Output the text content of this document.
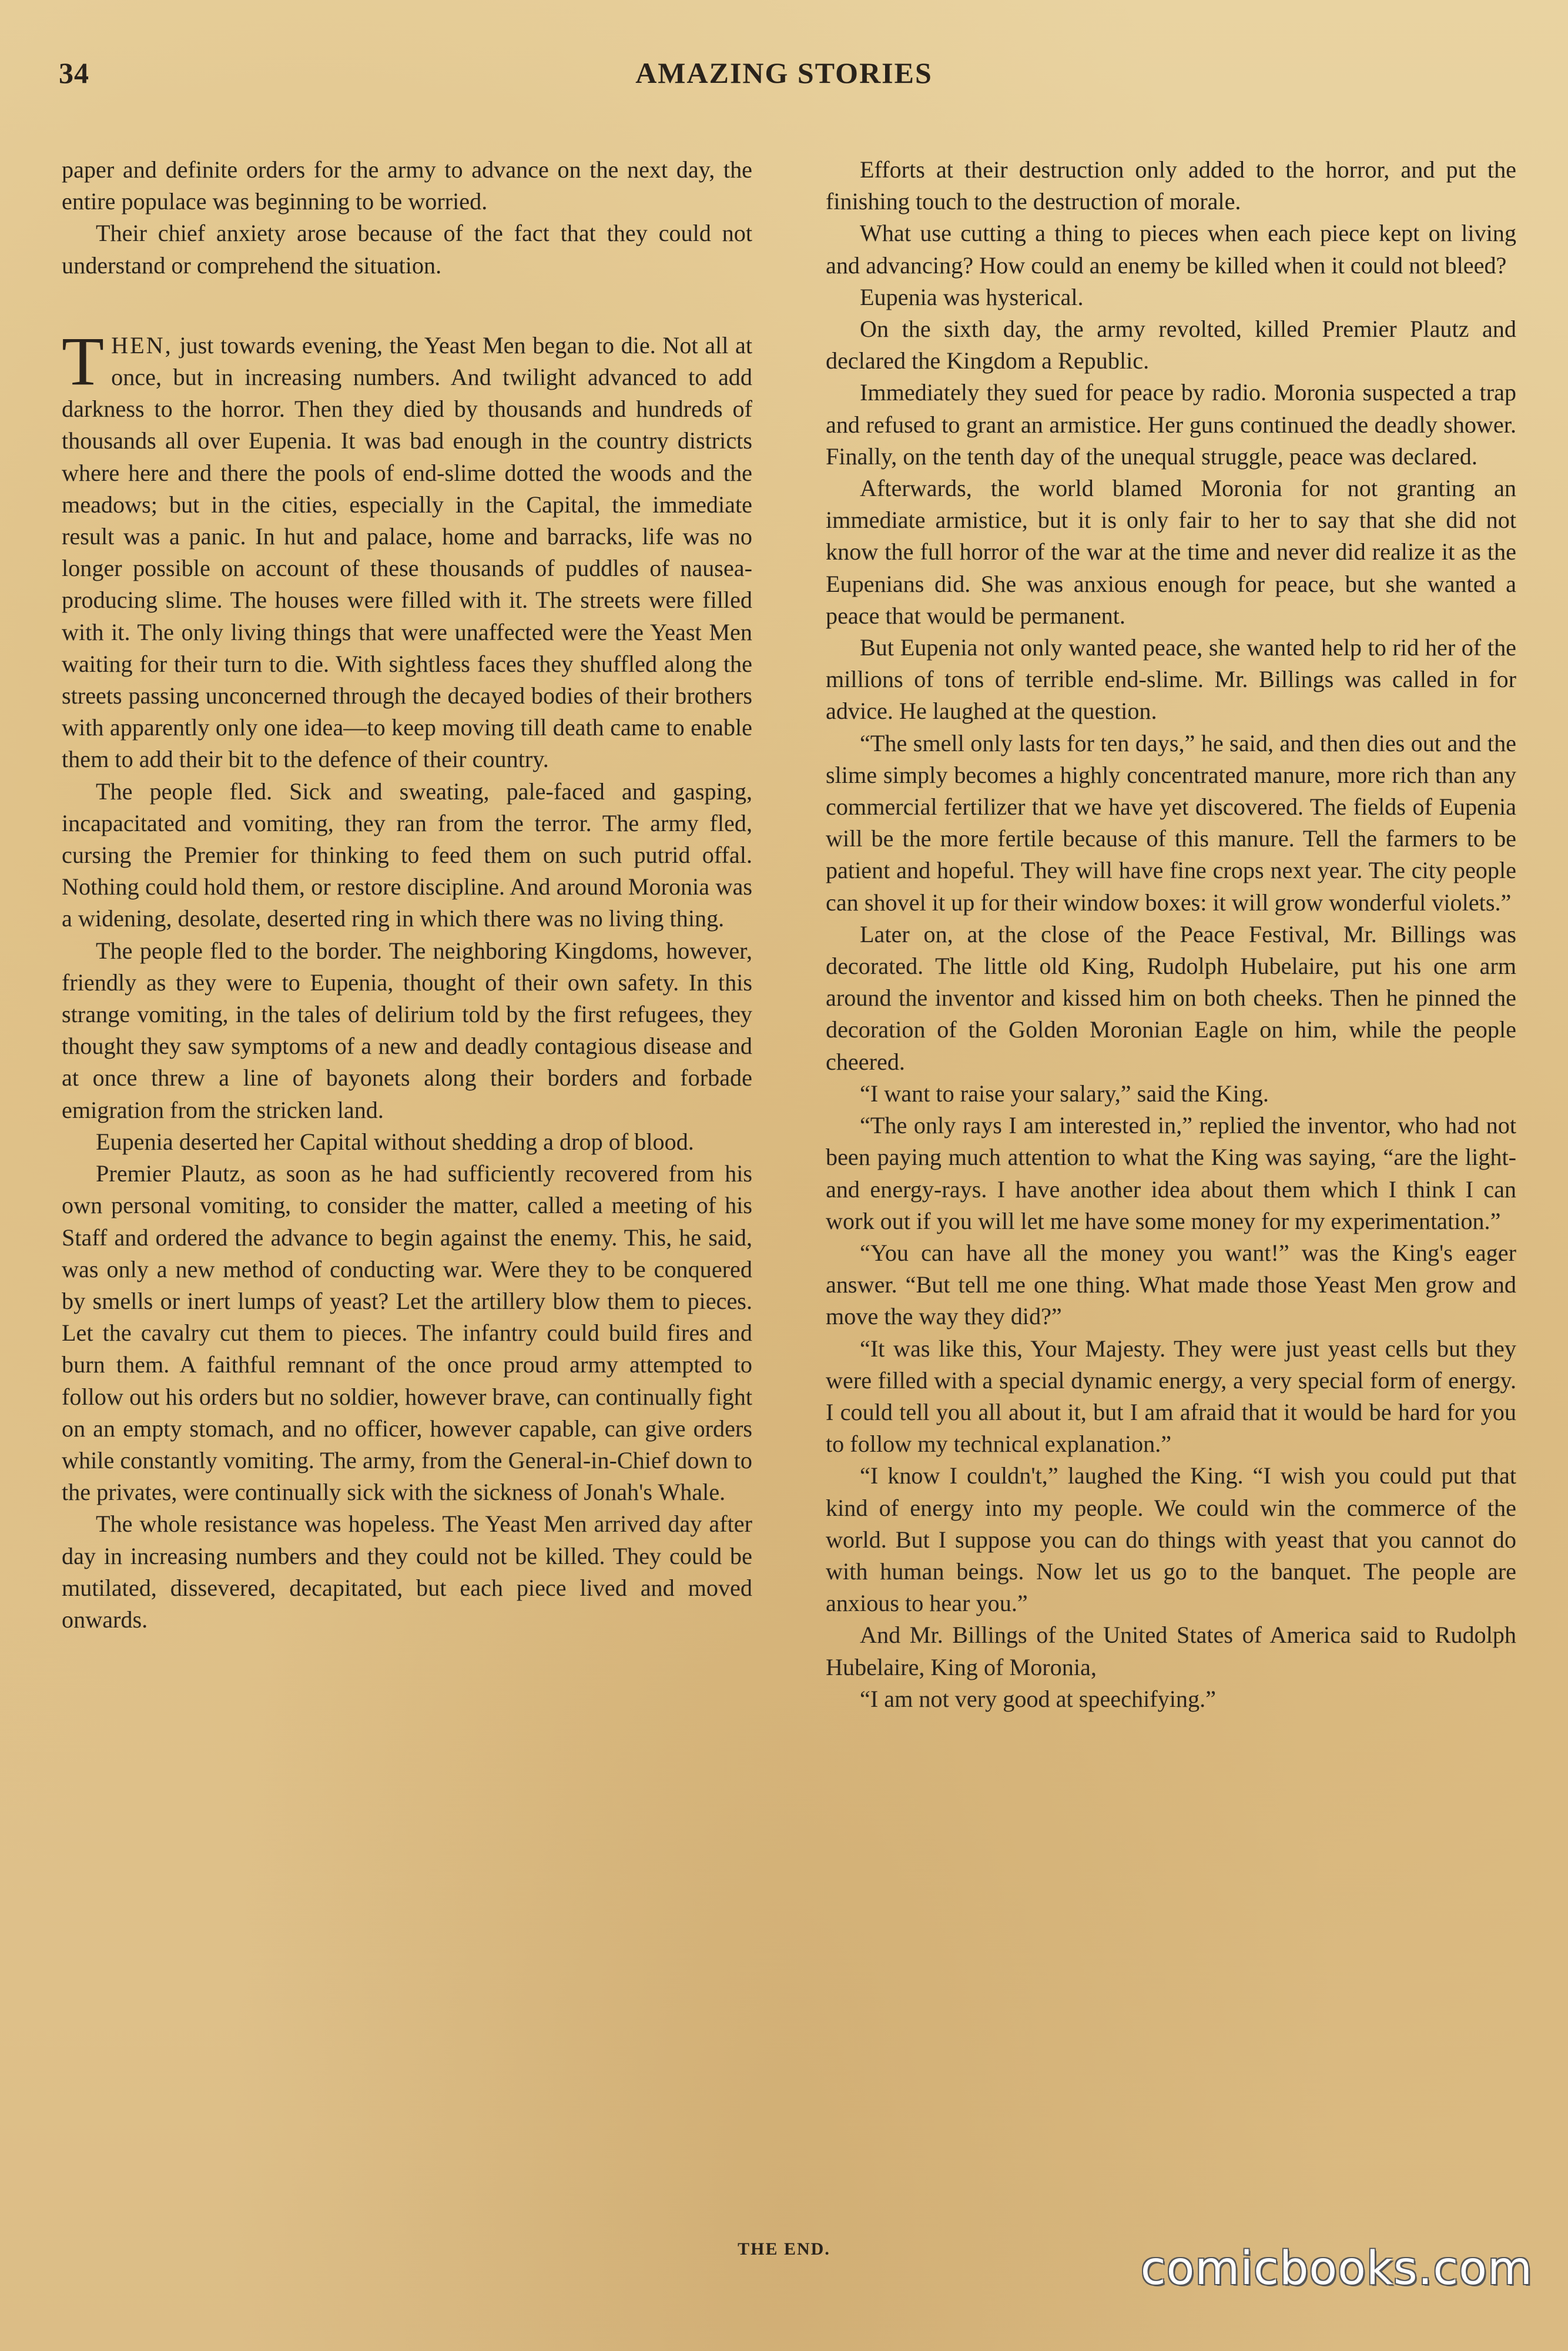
34	AMAZING STORIES

paper and definite orders for the army to advance on the next day, the entire populace was beginning to be worried.

Their chief anxiety arose because of the fact that they could not understand or comprehend the situation.

THEN, just towards evening, the Yeast Men began to die. Not all at once, but in increasing numbers. And twilight advanced to add darkness to the horror. Then they died by thousands and hundreds of thousands all over Eupenia. It was bad enough in the country districts where here and there the pools of end-slime dotted the woods and the meadows; but in the cities, especially in the Capital, the immediate result was a panic. In hut and palace, home and barracks, life was no longer possible on account of these thousands of puddles of nausea-producing slime. The houses were filled with it. The streets were filled with it. The only living things that were unaffected were the Yeast Men waiting for their turn to die. With sightless faces they shuffled along the streets passing unconcerned through the decayed bodies of their brothers with apparently only one idea—to keep moving till death came to enable them to add their bit to the defence of their country.

The people fled. Sick and sweating, pale-faced and gasping, incapacitated and vomiting, they ran from the terror. The army fled, cursing the Premier for thinking to feed them on such putrid offal. Nothing could hold them, or restore discipline. And around Moronia was a widening, desolate, deserted ring in which there was no living thing.

The people fled to the border. The neighboring Kingdoms, however, friendly as they were to Eupenia, thought of their own safety. In this strange vomiting, in the tales of delirium told by the first refugees, they thought they saw symptoms of a new and deadly contagious disease and at once threw a line of bayonets along their borders and forbade emigration from the stricken land.

Eupenia deserted her Capital without shedding a drop of blood.

Premier Plautz, as soon as he had sufficiently recovered from his own personal vomiting, to consider the matter, called a meeting of his Staff and ordered the advance to begin against the enemy. This, he said, was only a new method of conducting war. Were they to be conquered by smells or inert lumps of yeast? Let the artillery blow them to pieces. Let the cavalry cut them to pieces. The infantry could build fires and burn them. A faithful remnant of the once proud army attempted to follow out his orders but no soldier, however brave, can continually fight on an empty stomach, and no officer, however capable, can give orders while constantly vomiting. The army, from the General-in-Chief down to the privates, were continually sick with the sickness of Jonah's Whale.

The whole resistance was hopeless. The Yeast Men arrived day after day in increasing numbers and they could not be killed. They could be mutilated, dissevered, decapitated, but each piece lived and moved onwards.

Efforts at their destruction only added to the horror, and put the finishing touch to the destruction of morale.

What use cutting a thing to pieces when each piece kept on living and advancing? How could an enemy be killed when it could not bleed?

Eupenia was hysterical.

On the sixth day, the army revolted, killed Premier Plautz and declared the Kingdom a Republic.

Immediately they sued for peace by radio. Moronia suspected a trap and refused to grant an armistice. Her guns continued the deadly shower. Finally, on the tenth day of the unequal struggle, peace was declared.

Afterwards, the world blamed Moronia for not granting an immediate armistice, but it is only fair to her to say that she did not know the full horror of the war at the time and never did realize it as the Eupenians did. She was anxious enough for peace, but she wanted a peace that would be permanent.

But Eupenia not only wanted peace, she wanted help to rid her of the millions of tons of terrible end-slime. Mr. Billings was called in for advice. He laughed at the question.

“The smell only lasts for ten days,” he said, and then dies out and the slime simply becomes a highly concentrated manure, more rich than any commercial fertilizer that we have yet discovered. The fields of Eupenia will be the more fertile because of this manure. Tell the farmers to be patient and hopeful. They will have fine crops next year. The city people can shovel it up for their window boxes: it will grow wonderful violets.”

Later on, at the close of the Peace Festival, Mr. Billings was decorated. The little old King, Rudolph Hubelaire, put his one arm around the inventor and kissed him on both cheeks. Then he pinned the decoration of the Golden Moronian Eagle on him, while the people cheered.

“I want to raise your salary,” said the King.

“The only rays I am interested in,” replied the inventor, who had not been paying much attention to what the King was saying, “are the light-and energy-rays. I have another idea about them which I think I can work out if you will let me have some money for my experimentation.”

“You can have all the money you want!” was the King's eager answer. “But tell me one thing. What made those Yeast Men grow and move the way they did?”

“It was like this, Your Majesty. They were just yeast cells but they were filled with a special dynamic energy, a very special form of energy. I could tell you all about it, but I am afraid that it would be hard for you to follow my technical explanation.”

“I know I couldn't,” laughed the King. “I wish you could put that kind of energy into my people. We could win the commerce of the world. But I suppose you can do things with yeast that you cannot do with human beings. Now let us go to the banquet. The people are anxious to hear you.”

And Mr. Billings of the United States of America said to Rudolph Hubelaire, King of Moronia,

“I am not very good at speechifying.”

THE END.	comicbooks.com
